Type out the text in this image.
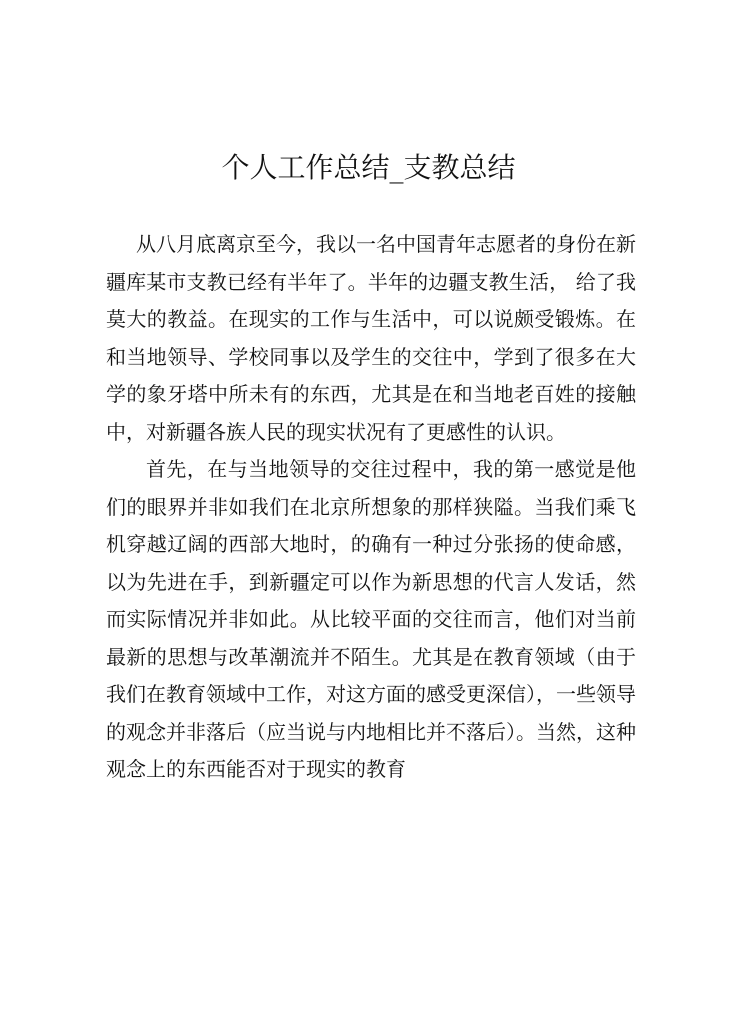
个人工作总结_支教总结

从八月底离京至今，我以一名中国青年志愿者的身份在新疆库某市支教已经有半年了。半年的边疆支教生活， 给了我莫大的教益。在现实的工作与生活中，可以说颇受锻炼。在和当地领导、学校同事以及学生的交往中，学到了很多在大学的象牙塔中所未有的东西，尤其是在和当地老百姓的接触中，对新疆各族人民的现实状况有了更感性的认识。

首先，在与当地领导的交往过程中，我的第一感觉是他们的眼界并非如我们在北京所想象的那样狭隘。当我们乘飞机穿越辽阔的西部大地时，的确有一种过分张扬的使命感，以为先进在手，到新疆定可以作为新思想的代言人发话，然而实际情况并非如此。从比较平面的交往而言，他们对当前最新的思想与改革潮流并不陌生。尤其是在教育领域（由于我们在教育领域中工作，对这方面的感受更深信），一些领导的观念并非落后（应当说与内地相比并不落后）。当然，这种观念上的东西能否对于现实的教育
